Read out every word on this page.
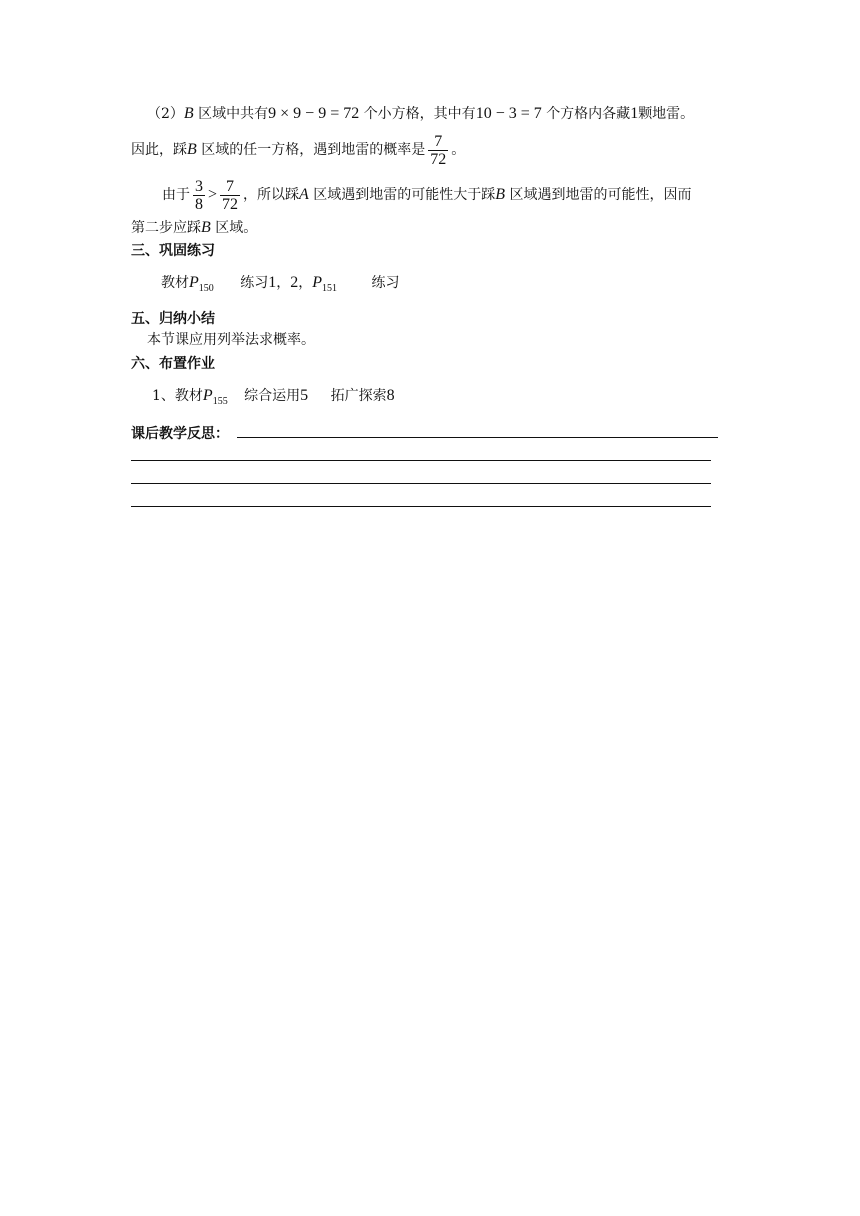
（2）B 区域中共有9 × 9 − 9 = 72 个小方格，其中有10 − 3 = 7 个方格内各藏1颗地雷。
因此，踩B 区域的任一方格，遇到地雷的概率是 $\frac{7}{72}$ 。
由于 $\frac{3}{8} > \frac{7}{72}$ ，所以踩A 区域遇到地雷的可能性大于踩B 区域遇到地雷的可能性，因而
第二步应踩B 区域。
三、巩固练习
教材$P_{150}$ 练习1，2，$P_{151}$ 练习
五、归纳小结
本节课应用列举法求概率。
六、布置作业
1、教材$P_{155}$ 综合运用5 拓广探索8
课后教学反思：
